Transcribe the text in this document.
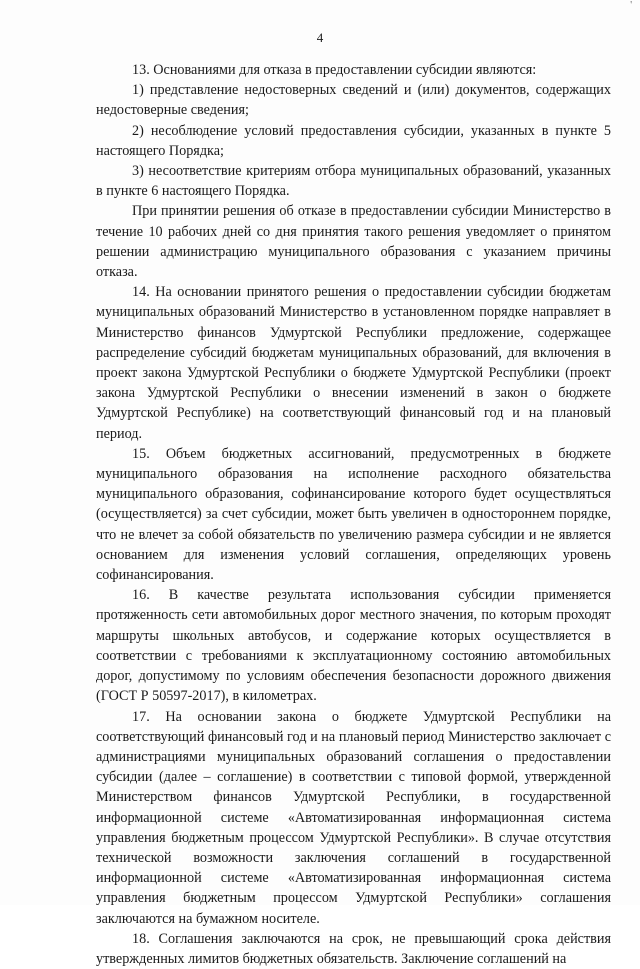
'
4

13. Основаниями для отказа в предоставлении субсидии являются:

1) представление недостоверных сведений и (или) документов, содержащих недостоверные сведения;

2) несоблюдение условий предоставления субсидии, указанных в пункте 5 настоящего Порядка;

3) несоответствие критериям отбора муниципальных образований, указанных в пункте 6 настоящего Порядка.

При принятии решения об отказе в предоставлении субсидии Министерство в течение 10 рабочих дней со дня принятия такого решения уведомляет о принятом решении администрацию муниципального образования с указанием причины отказа.

14. На основании принятого решения о предоставлении субсидии бюджетам муниципальных образований Министерство в установленном порядке направляет в Министерство финансов Удмуртской Республики предложение, содержащее распределение субсидий бюджетам муниципальных образований, для включения в проект закона Удмуртской Республики о бюджете Удмуртской Республики (проект закона Удмуртской Республики о внесении изменений в закон о бюджете Удмуртской Республике) на соответствующий финансовый год и на плановый период.

15. Объем бюджетных ассигнований, предусмотренных в бюджете муниципального образования на исполнение расходного обязательства муниципального образования, софинансирование которого будет осуществляться (осуществляется) за счет субсидии, может быть увеличен в одностороннем порядке, что не влечет за собой обязательств по увеличению размера субсидии и не является основанием для изменения условий соглашения, определяющих уровень софинансирования.

16. В качестве результата использования субсидии применяется протяженность сети автомобильных дорог местного значения, по которым проходят маршруты школьных автобусов, и содержание которых осуществляется в соответствии с требованиями к эксплуатационному состоянию автомобильных дорог, допустимому по условиям обеспечения безопасности дорожного движения (ГОСТ Р 50597-2017), в километрах.

17. На основании закона о бюджете Удмуртской Республики на соответствующий финансовый год и на плановый период Министерство заключает с администрациями муниципальных образований соглашения о предоставлении субсидии (далее – соглашение) в соответствии с типовой формой, утвержденной Министерством финансов Удмуртской Республики, в государственной информационной системе «Автоматизированная информационная система управления бюджетным процессом Удмуртской Республики». В случае отсутствия технической возможности заключения соглашений в государственной информационной системе «Автоматизированная информационная система управления бюджетным процессом Удмуртской Республики» соглашения заключаются на бумажном носителе.

18. Соглашения заключаются на срок, не превышающий срока действия утвержденных лимитов бюджетных обязательств. Заключение соглашений на
